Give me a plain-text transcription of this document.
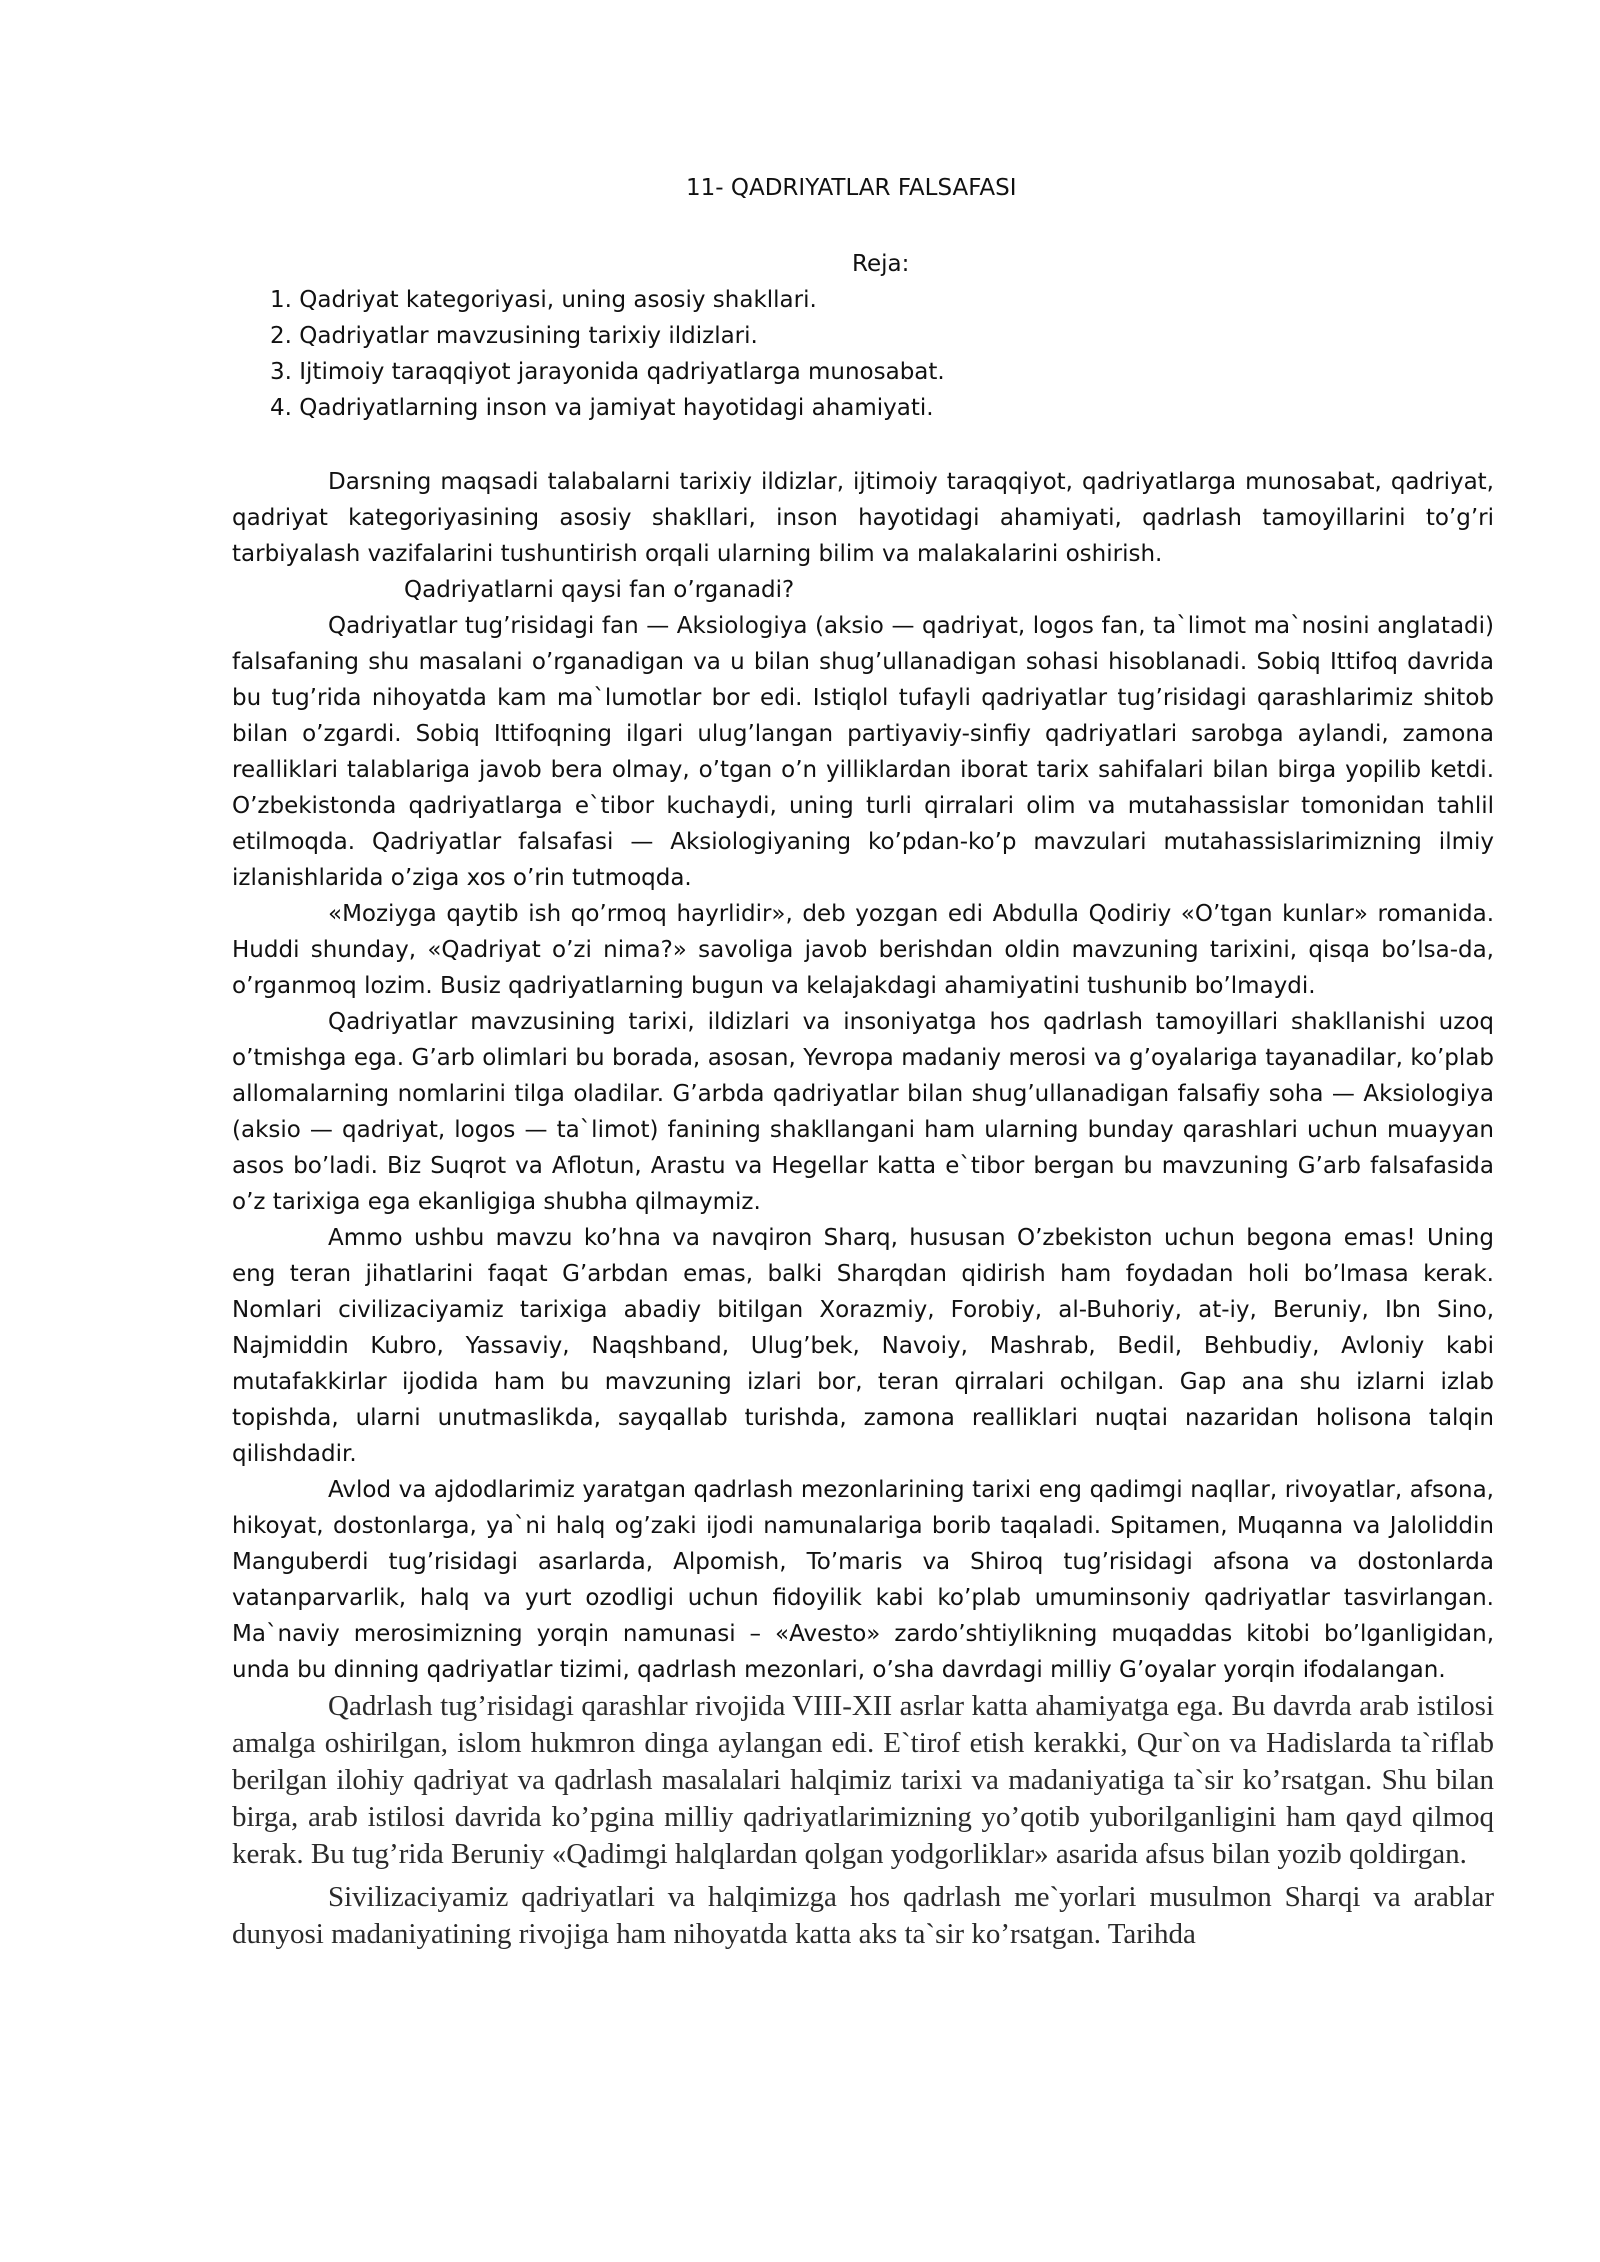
11- QADRIYATLAR FALSAFASI
Reja:
1. Qadriyat kategoriyasi, uning asosiy shakllari.
2. Qadriyatlar mavzusining tarixiy ildizlari.
3. Ijtimoiy taraqqiyot jarayonida qadriyatlarga munosabat.
4. Qadriyatlarning inson va jamiyat hayotidagi ahamiyati.

Darsning maqsadi talabalarni tarixiy ildizlar, ijtimoiy taraqqiyot, qadriyatlarga munosabat, qadriyat, qadriyat kategoriyasining asosiy shakllari, inson hayotidagi ahamiyati, qadrlash tamoyillarini to’g’ri tarbiyalash vazifalarini tushuntirish orqali ularning bilim va malakalarini oshirish.

Qadriyatlarni qaysi fan o’rganadi?

Qadriyatlar tug’risidagi fan — Aksiologiya (aksio — qadriyat, logos fan, ta`limot ma`nosini anglatadi) falsafaning shu masalani o’rganadigan va u bilan shug’ullanadigan sohasi hisoblanadi. Sobiq Ittifoq davrida bu tug’rida nihoyatda kam ma`lumotlar bor edi. Istiqlol tufayli qadriyatlar tug’risidagi qarashlarimiz shitob bilan o’zgardi. Sobiq Ittifoqning ilgari ulug’langan partiyaviy-sinfiy qadriyatlari sarobga aylandi, zamona realliklari talablariga javob bera olmay, o’tgan o’n yilliklardan iborat tarix sahifalari bilan birga yopilib ketdi. O’zbekistonda qadriyatlarga e`tibor kuchaydi, uning turli qirralari olim va mutahassislar tomonidan tahlil etilmoqda. Qadriyatlar falsafasi — Aksiologiyaning ko’pdan-ko’p mavzulari mutahassislarimizning ilmiy izlanishlarida o’ziga xos o’rin tutmoqda.

«Moziyga qaytib ish qo’rmoq hayrlidir», deb yozgan edi Abdulla Qodiriy «O’tgan kunlar» romanida. Huddi shunday, «Qadriyat o’zi nima?» savoliga javob berishdan oldin mavzuning tarixini, qisqa bo’lsa-da, o’rganmoq lozim. Busiz qadriyatlarning bugun va kelajakdagi ahamiyatini tushunib bo’lmaydi.

Qadriyatlar mavzusining tarixi, ildizlari va insoniyatga hos qadrlash tamoyillari shakllanishi uzoq o’tmishga ega. G’arb olimlari bu borada, asosan, Yevropa madaniy merosi va g’oyalariga tayanadilar, ko’plab allomalarning nomlarini tilga oladilar. G’arbda qadriyatlar bilan shug’ullanadigan falsafiy soha — Aksiologiya (aksio — qadriyat, logos — ta`limot) fanining shakllangani ham ularning bunday qarashlari uchun muayyan asos bo’ladi. Biz Suqrot va Aflotun, Arastu va Hegellar katta e`tibor bergan bu mavzuning G’arb falsafasida o’z tarixiga ega ekanligiga shubha qilmaymiz.

Ammo ushbu mavzu ko’hna va navqiron Sharq, hususan O’zbekiston uchun begona emas! Uning eng teran jihatlarini faqat G’arbdan emas, balki Sharqdan qidirish ham foydadan holi bo’lmasa kerak. Nomlari civilizaciyamiz tarixiga abadiy bitilgan Xorazmiy, Forobiy, al-Buhoriy, at-iy, Beruniy, Ibn Sino, Najmiddin Kubro, Yassaviy, Naqshband, Ulug’bek, Navoiy, Mashrab, Bedil, Behbudiy, Avloniy kabi mutafakkirlar ijodida ham bu mavzuning izlari bor, teran qirralari ochilgan. Gap ana shu izlarni izlab topishda, ularni unutmaslikda, sayqallab turishda, zamona realliklari nuqtai nazaridan holisona talqin qilishdadir.

Avlod va ajdodlarimiz yaratgan qadrlash mezonlarining tarixi eng qadimgi naqllar, rivoyatlar, afsona, hikoyat, dostonlarga, ya`ni halq og’zaki ijodi namunalariga borib taqaladi. Spitamen, Muqanna va Jaloliddin Manguberdi tug’risidagi asarlarda, Alpomish, To’maris va Shiroq tug’risidagi afsona va dostonlarda vatanparvarlik, halq va yurt ozodligi uchun fidoyilik kabi ko’plab umuminsoniy qadriyatlar tasvirlangan. Ma`naviy merosimizning yorqin namunasi – «Avesto» zardo’shtiylikning muqaddas kitobi bo’lganligidan, unda bu dinning qadriyatlar tizimi, qadrlash mezonlari, o’sha davrdagi milliy G’oyalar yorqin ifodalangan.

Qadrlash tug’risidagi qarashlar rivojida VIII-XII asrlar katta ahamiyatga ega. Bu davrda arab istilosi amalga oshirilgan, islom hukmron dinga aylangan edi. E`tirof etish kerakki, Qur`on va Hadislarda ta`riflab berilgan ilohiy qadriyat va qadrlash masalalari halqimiz tarixi va madaniyatiga ta`sir ko’rsatgan. Shu bilan birga, arab istilosi davrida ko’pgina milliy qadriyatlarimizning yo’qotib yuborilganligini ham qayd qilmoq kerak. Bu tug’rida Beruniy «Qadimgi halqlardan qolgan yodgorliklar» asarida afsus bilan yozib qoldirgan.

Sivilizaciyamiz qadriyatlari va halqimizga hos qadrlash me`yorlari musulmon Sharqi va arablar dunyosi madaniyatining rivojiga ham nihoyatda katta aks ta`sir ko’rsatgan. Tarihda
